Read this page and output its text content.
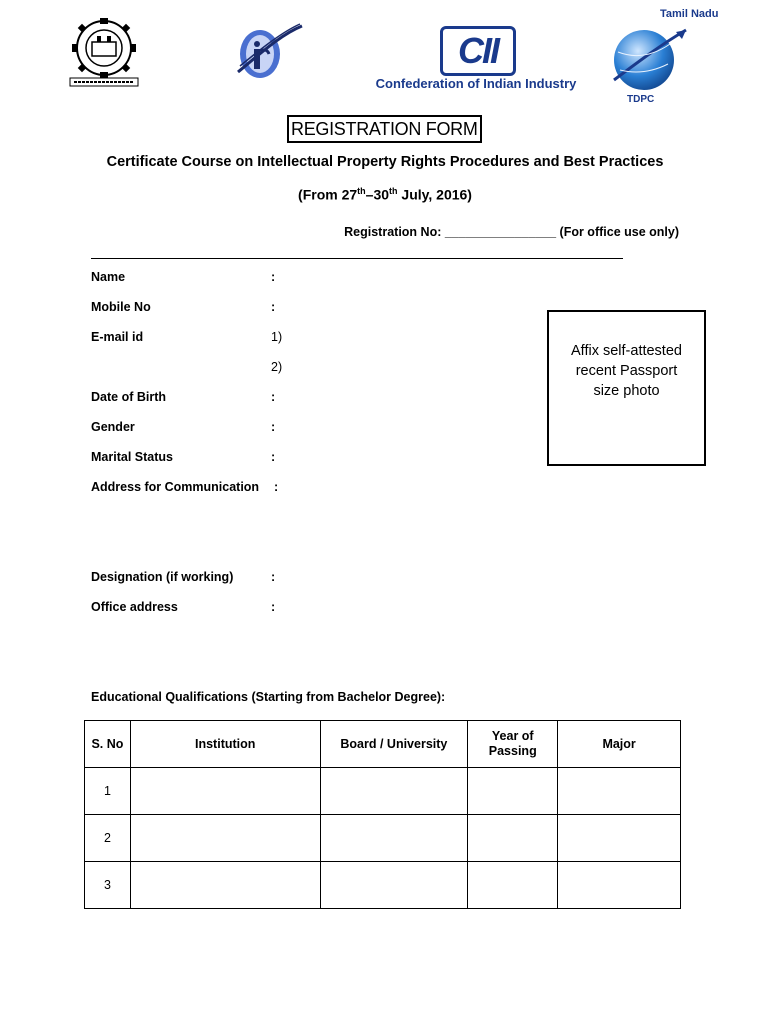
CII
Confederation of Indian Industry
Tamil Nadu
TDPC
REGISTRATION FORM
Certificate Course on Intellectual Property Rights Procedures and Best Practices
(From 27th–30th July, 2016)
Registration No: ________________ (For office use only)
Name	:
Mobile No	:
E-mail id	1)
2)
Date of Birth	:
Gender	:
Marital Status	:
Address for Communication :
Designation (if working)	:
Office address	:
Affix self-attested
recent Passport
size photo
Educational Qualifications (Starting from Bachelor Degree):
S. No	Institution	Board / University	Year of Passing	Major
1				
2				
3				
